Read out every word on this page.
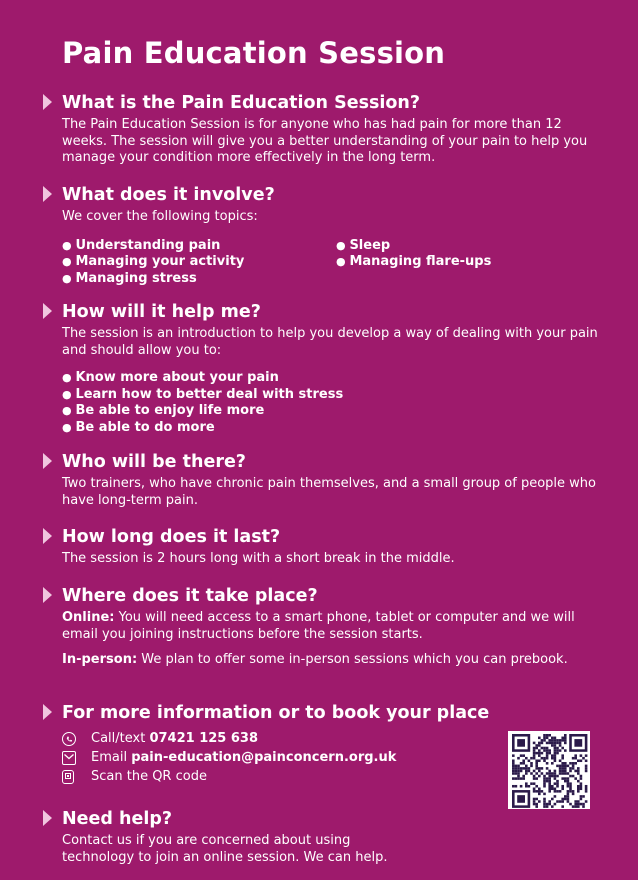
Pain Education Session
What is the Pain Education Session?

The Pain Education Session is for anyone who has had pain for more than 12 weeks. The session will give you a better understanding of your pain to help you manage your condition more effectively in the long term.

What does it involve?

We cover the following topics:

● Understanding pain
● Managing your activity
● Managing stress
● Sleep
● Managing flare-ups
How will it help me?

The session is an introduction to help you develop a way of dealing with your pain and should allow you to:

● Know more about your pain
● Learn how to better deal with stress
● Be able to enjoy life more
● Be able to do more
Who will be there?

Two trainers, who have chronic pain themselves, and a small group of people who have long-term pain.

How long does it last?

The session is 2 hours long with a short break in the middle.

Where does it take place?

Online: You will need access to a smart phone, tablet or computer and we will email you joining instructions before the session starts.

In-person: We plan to offer some in-person sessions which you can prebook.

For more information or to book your place
Call/text 07421 125 638
Email pain-education@painconcern.org.uk
Scan the QR code
Need help?

Contact us if you are concerned about using

technology to join an online session. We can help.
